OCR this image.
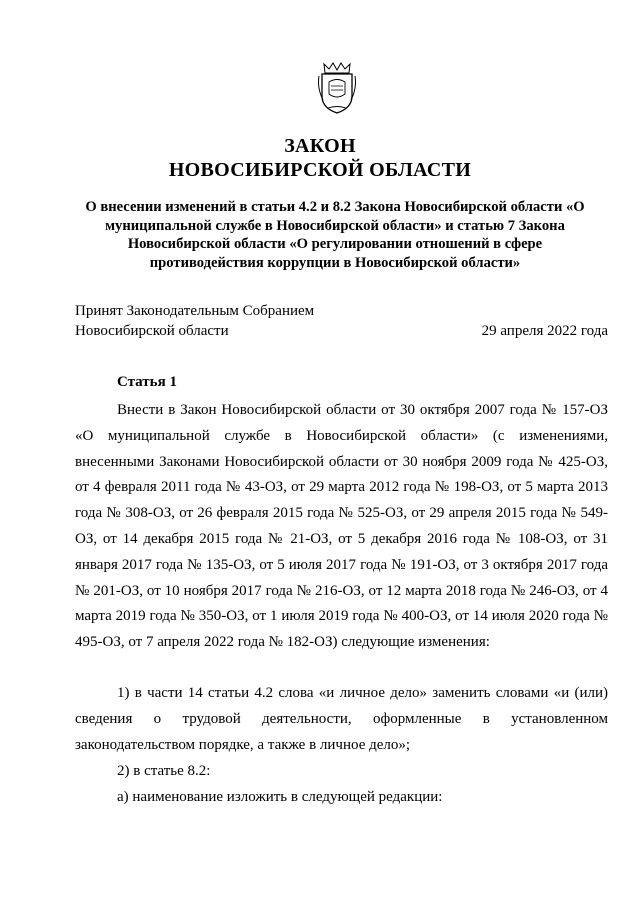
ЗАКОН
НОВОСИБИРСКОЙ ОБЛАСТИ
О внесении изменений в статьи 4.2 и 8.2 Закона Новосибирской области «О муниципальной службе в Новосибирской области» и статью 7 Закона Новосибирской области «О регулировании отношений в сфере противодействия коррупции в Новосибирской области»
Принят Законодательным Собранием
Новосибирской области	29 апреля 2022 года
Статья 1

Внести в Закон Новосибирской области от 30 октября 2007 года № 157-ОЗ «О муниципальной службе в Новосибирской области» (с изменениями, внесенными Законами Новосибирской области от 30 ноября 2009 года № 425-ОЗ, от 4 февраля 2011 года № 43-ОЗ, от 29 марта 2012 года № 198-ОЗ, от 5 марта 2013 года № 308-ОЗ, от 26 февраля 2015 года № 525-ОЗ, от 29 апреля 2015 года № 549-ОЗ, от 14 декабря 2015 года № 21-ОЗ, от 5 декабря 2016 года № 108-ОЗ, от 31 января 2017 года № 135-ОЗ, от 5 июля 2017 года № 191-ОЗ, от 3 октября 2017 года № 201-ОЗ, от 10 ноября 2017 года № 216-ОЗ, от 12 марта 2018 года № 246-ОЗ, от 4 марта 2019 года № 350-ОЗ, от 1 июля 2019 года № 400-ОЗ, от 14 июля 2020 года № 495-ОЗ, от 7 апреля 2022 года № 182-ОЗ) следующие изменения:

1) в части 14 статьи 4.2 слова «и личное дело» заменить словами «и (или) сведения о трудовой деятельности, оформленные в установленном законодательством порядке, а также в личное дело»;

2) в статье 8.2:

а) наименование изложить в следующей редакции:
